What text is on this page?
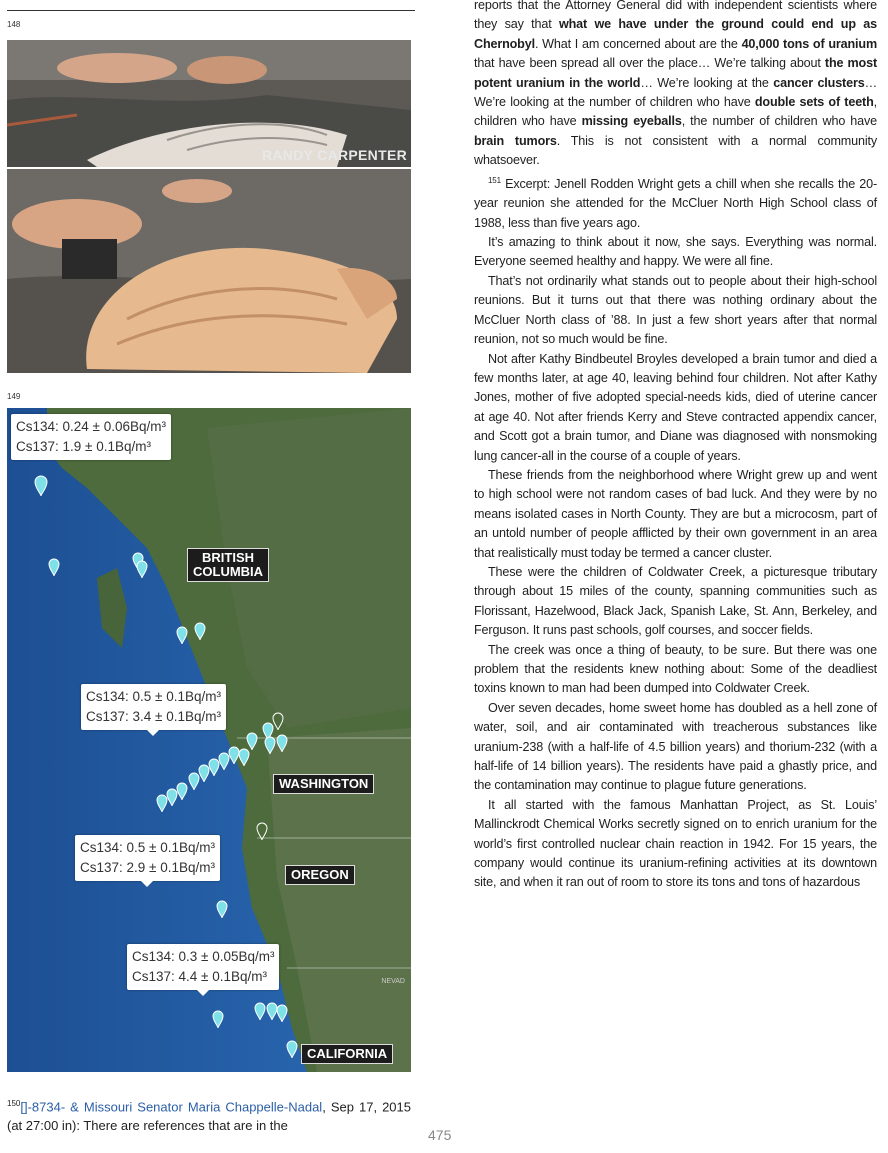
148
RANDY CARPENTER
149
Cs134: 0.24 ± 0.06Bq/m³
Cs137: 1.9 ± 0.1Bq/m³
Cs134: 0.5 ± 0.1Bq/m³
Cs137: 3.4 ± 0.1Bq/m³
Cs134: 0.5 ± 0.1Bq/m³
Cs137: 2.9 ± 0.1Bq/m³
Cs134: 0.3 ± 0.05Bq/m³
Cs137: 4.4 ± 0.1Bq/m³
BRITISH
COLUMBIA
WASHINGTON
OREGON
CALIFORNIA
NEVAD
$^{150}$[]-8734- & Missouri Senator Maria Chappelle-Nadal, Sep 17, 2015 (at 27:00 in): There are references that are in the
475

reports that the Attorney General did with independent scientists where they say that what we have under the ground could end up as Chernobyl. What I am concerned about are the 40,000 tons of uranium that have been spread all over the place… We’re talking about the most potent uranium in the world… We’re looking at the cancer clusters… We’re looking at the number of children who have double sets of teeth, children who have missing eyeballs, the number of children who have brain tumors. This is not consistent with a normal community whatsoever.

$^{151}$ Excerpt: Jenell Rodden Wright gets a chill when she recalls the 20-year reunion she attended for the McCluer North High School class of 1988, less than five years ago.

It’s amazing to think about it now, she says. Everything was normal. Everyone seemed healthy and happy. We were all fine.

That’s not ordinarily what stands out to people about their high-school reunions. But it turns out that there was nothing ordinary about the McCluer North class of ’88. In just a few short years after that normal reunion, not so much would be fine.

Not after Kathy Bindbeutel Broyles developed a brain tumor and died a few months later, at age 40, leaving behind four children. Not after Kathy Jones, mother of five adopted special-needs kids, died of uterine cancer at age 40. Not after friends Kerry and Steve contracted appendix cancer, and Scott got a brain tumor, and Diane was diagnosed with nonsmoking lung cancer-all in the course of a couple of years.

These friends from the neighborhood where Wright grew up and went to high school were not random cases of bad luck. And they were by no means isolated cases in North County. They are but a microcosm, part of an untold number of people afflicted by their own government in an area that realistically must today be termed a cancer cluster.

These were the children of Coldwater Creek, a picturesque tributary through about 15 miles of the county, spanning communities such as Florissant, Hazelwood, Black Jack, Spanish Lake, St. Ann, Berkeley, and Ferguson. It runs past schools, golf courses, and soccer fields.

The creek was once a thing of beauty, to be sure. But there was one problem that the residents knew nothing about: Some of the deadliest toxins known to man had been dumped into Coldwater Creek.

Over seven decades, home sweet home has doubled as a hell zone of water, soil, and air contaminated with treacherous substances like uranium-238 (with a half-life of 4.5 billion years) and thorium-232 (with a half-life of 14 billion years). The residents have paid a ghastly price, and the contamination may continue to plague future generations.

It all started with the famous Manhattan Project, as St. Louis’ Mallinckrodt Chemical Works secretly signed on to enrich uranium for the world’s first controlled nuclear chain reaction in 1942. For 15 years, the company would continue its uranium-refining activities at its downtown site, and when it ran out of room to store its tons and tons of hazardous
